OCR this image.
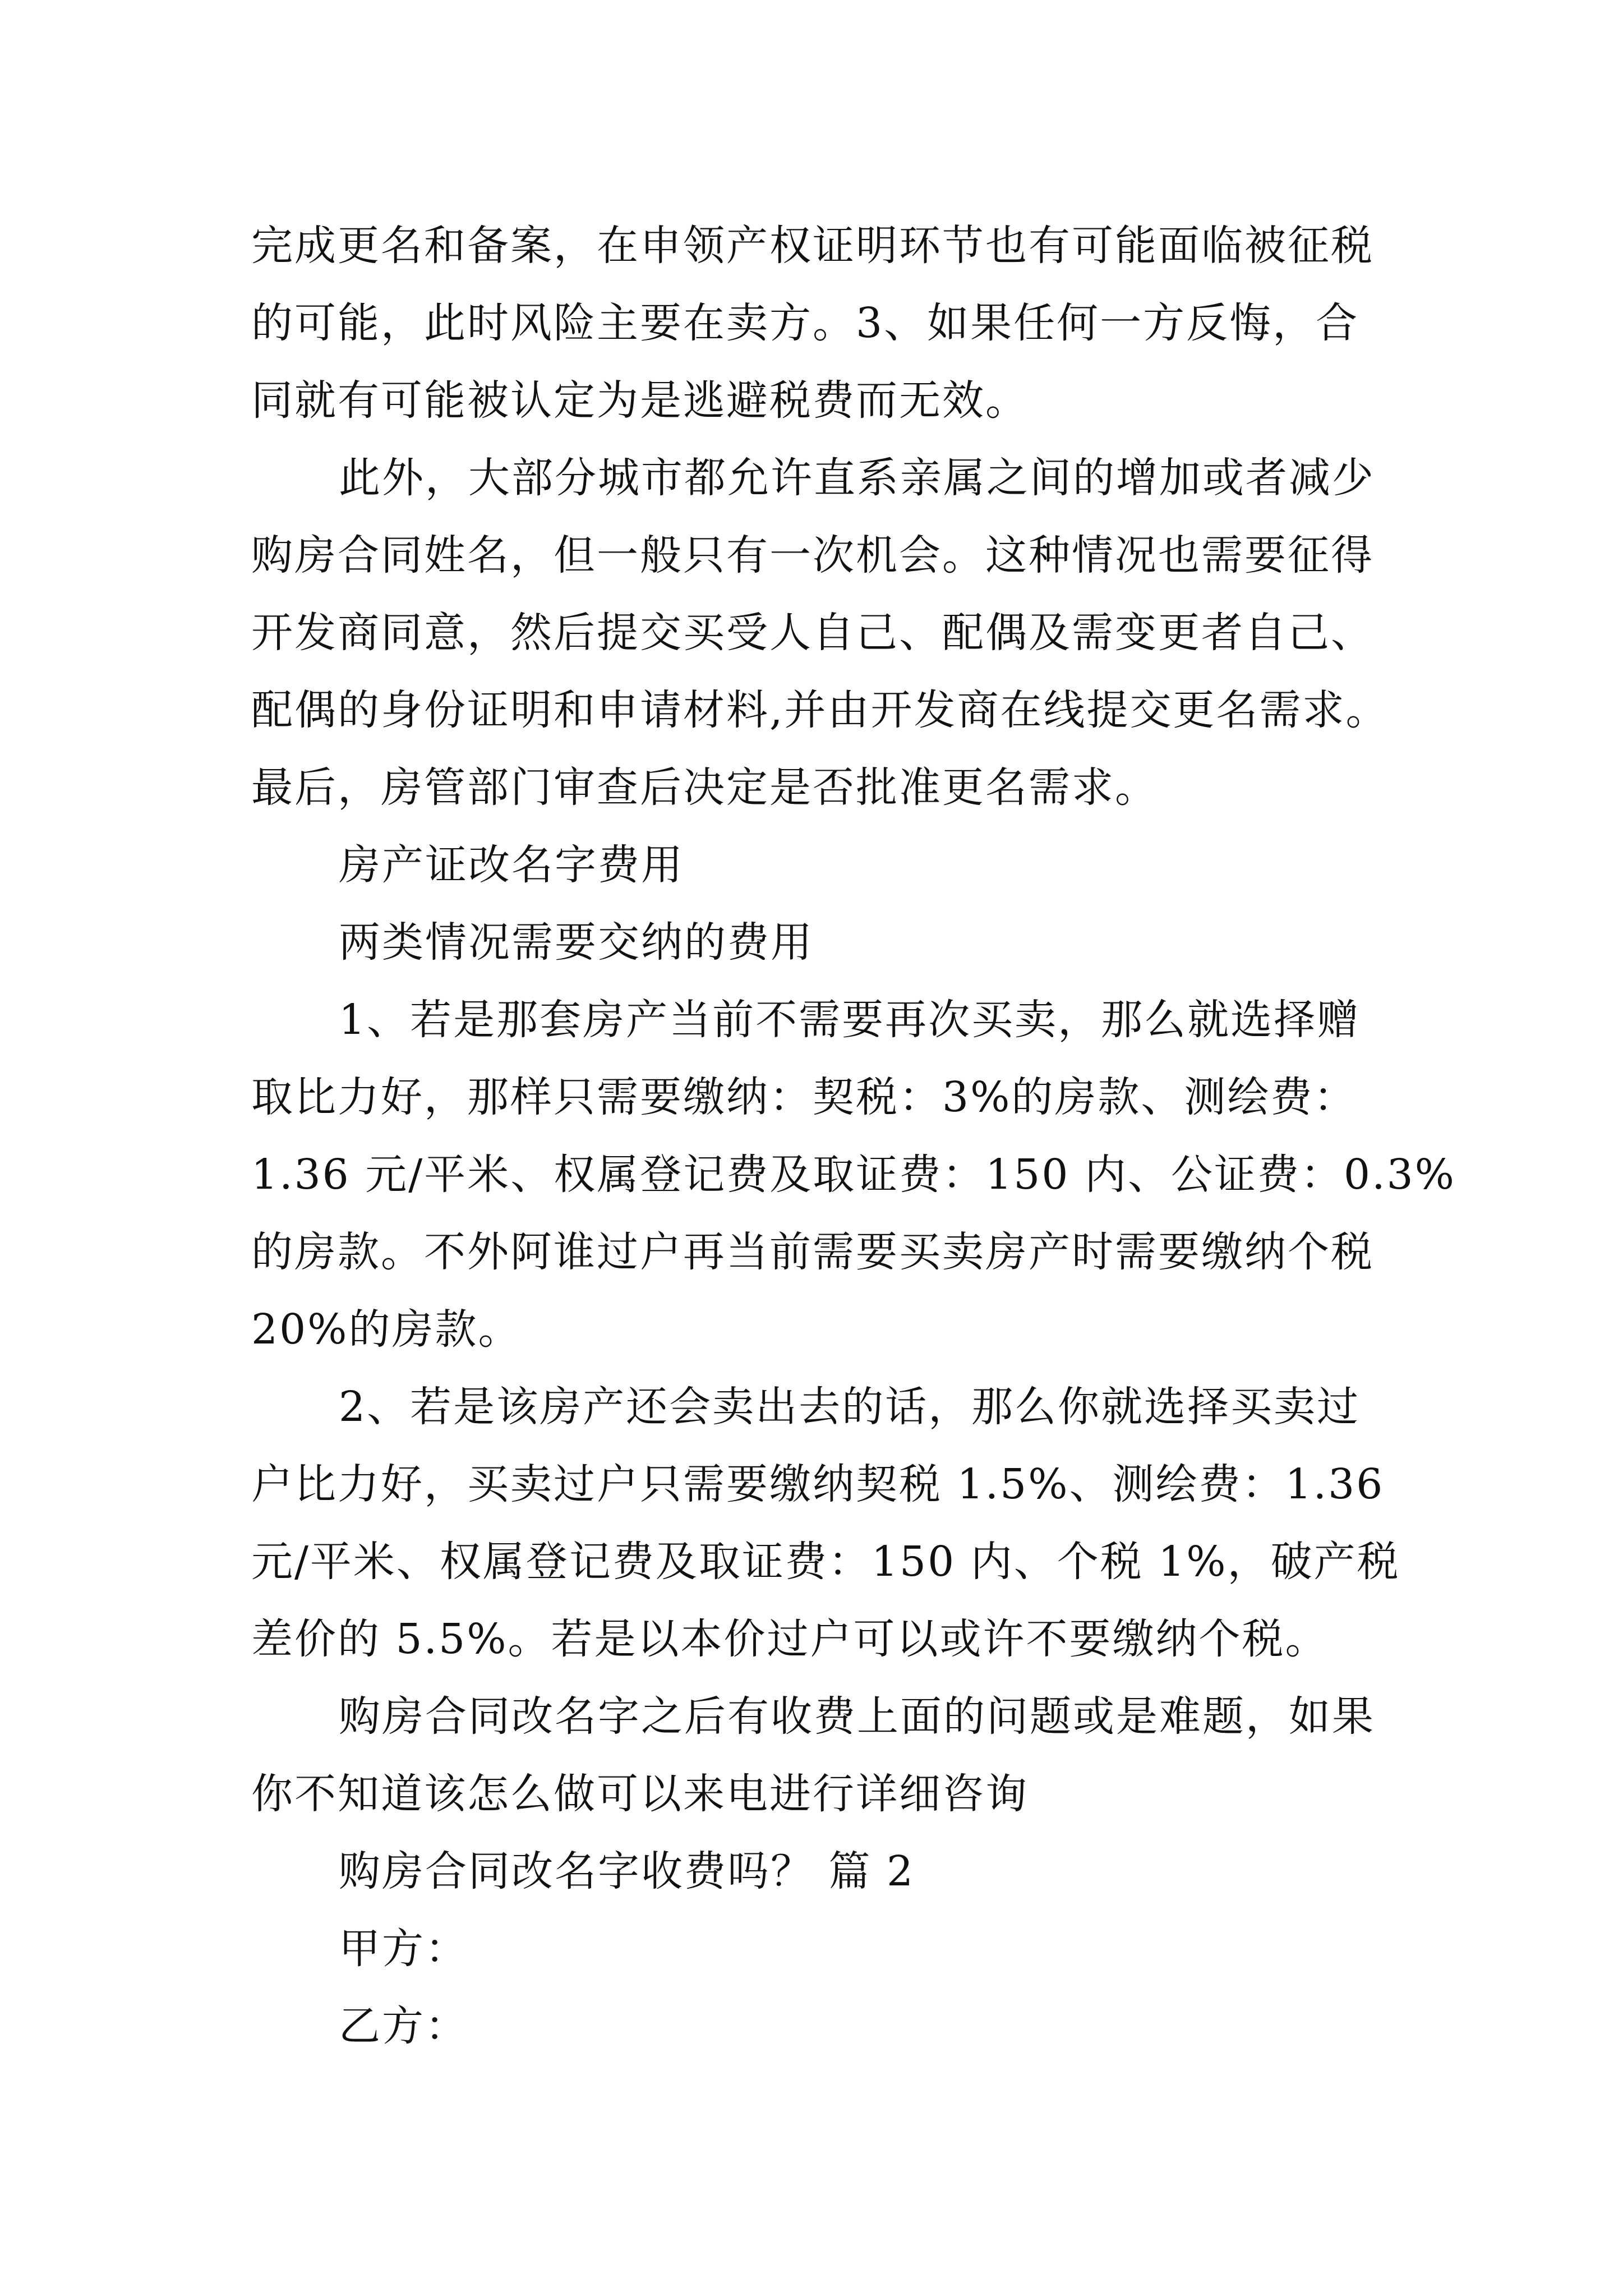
完成更名和备案，在申领产权证明环节也有可能面临被征税
的可能，此时风险主要在卖方。3、如果任何一方反悔，合
同就有可能被认定为是逃避税费而无效。
此外，大部分城市都允许直系亲属之间的增加或者减少
购房合同姓名，但一般只有一次机会。这种情况也需要征得
开发商同意，然后提交买受人自己、配偶及需变更者自己、
配偶的身份证明和申请材料,并由开发商在线提交更名需求。
最后，房管部门审查后决定是否批准更名需求。
房产证改名字费用
两类情况需要交纳的费用
1、若是那套房产当前不需要再次买卖，那么就选择赠
取比力好，那样只需要缴纳：契税：3%的房款、测绘费：
1.36 元/平米、权属登记费及取证费：150 内、公证费：0.3%
的房款。不外阿谁过户再当前需要买卖房产时需要缴纳个税
20%的房款。
2、若是该房产还会卖出去的话，那么你就选择买卖过
户比力好，买卖过户只需要缴纳契税 1.5%、测绘费：1.36
元/平米、权属登记费及取证费：150 内、个税 1%，破产税
差价的 5.5%。若是以本价过户可以或许不要缴纳个税。
购房合同改名字之后有收费上面的问题或是难题，如果
你不知道该怎么做可以来电进行详细咨询
购房合同改名字收费吗？ 篇 2
甲方：
乙方：
